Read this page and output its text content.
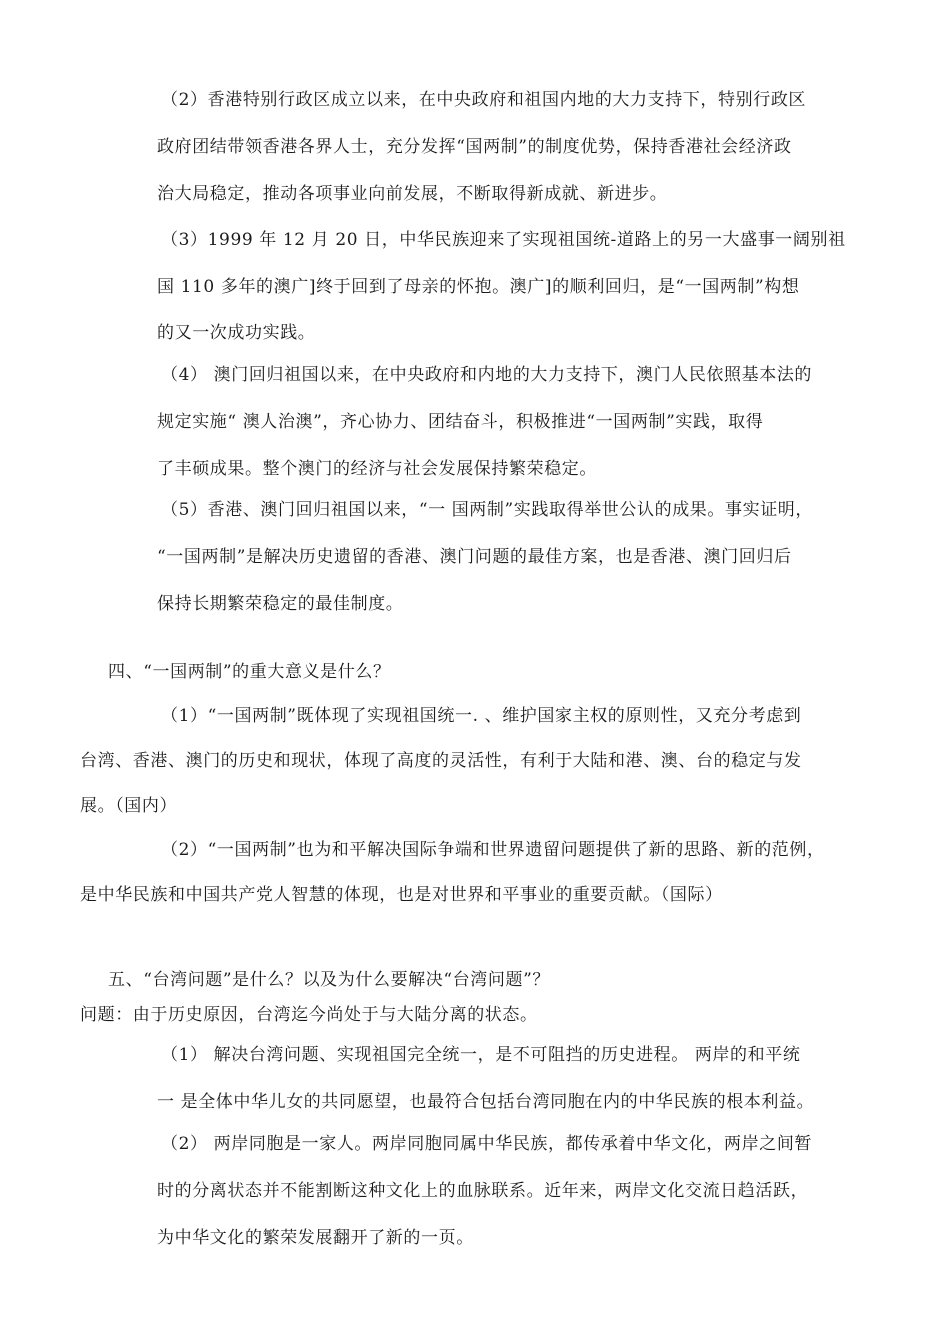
（2）香港特别行政区成立以来，在中央政府和祖国内地的大力支持下，特别行政区
政府团结带领香港各界人士，充分发挥“国两制”的制度优势，保持香港社会经济政
治大局稳定，推动各项事业向前发展，不断取得新成就、新进步。
（3）1999 年 12 月 20 日，中华民族迎来了实现祖国统-道路上的另一大盛事一阔别祖
国 110 多年的澳广]终于回到了母亲的怀抱。澳广]的顺利回归，是“一国两制”构想
的又一次成功实践。
（4） 澳门回归祖国以来，在中央政府和内地的大力支持下，澳门人民依照基本法的
规定实施“ 澳人治澳”，齐心协力、团结奋斗，积极推进“一国两制”实践，取得
了丰硕成果。整个澳门的经济与社会发展保持繁荣稳定。
（5）香港、澳门回归祖国以来，“一 国两制”实践取得举世公认的成果。事实证明，
“一国两制”是解决历史遗留的香港、澳门问题的最佳方案，也是香港、澳门回归后
保持长期繁荣稳定的最佳制度。
四、“一国两制”的重大意义是什么？
（1）“一国两制”既体现了实现祖国统一. 、维护国家主权的原则性，又充分考虑到
台湾、香港、澳门的历史和现状，体现了高度的灵活性，有利于大陆和港、澳、台的稳定与发
展。（国内）
（2）“一国两制”也为和平解决国际争端和世界遗留问题提供了新的思路、新的范例，
是中华民族和中国共产党人智慧的体现，也是对世界和平事业的重要贡献。（国际）
五、“台湾问题”是什么？以及为什么要解决“台湾问题”？
问题：由于历史原因，台湾迄今尚处于与大陆分离的状态。
（1） 解决台湾问题、实现祖国完全统一，是不可阻挡的历史进程。 两岸的和平统
一 是全体中华儿女的共同愿望，也最符合包括台湾同胞在内的中华民族的根本利益。
（2） 两岸同胞是一家人。两岸同胞同属中华民族，都传承着中华文化，两岸之间暂
时的分离状态并不能割断这种文化上的血脉联系。近年来，两岸文化交流日趋活跃，
为中华文化的繁荣发展翻开了新的一页。
